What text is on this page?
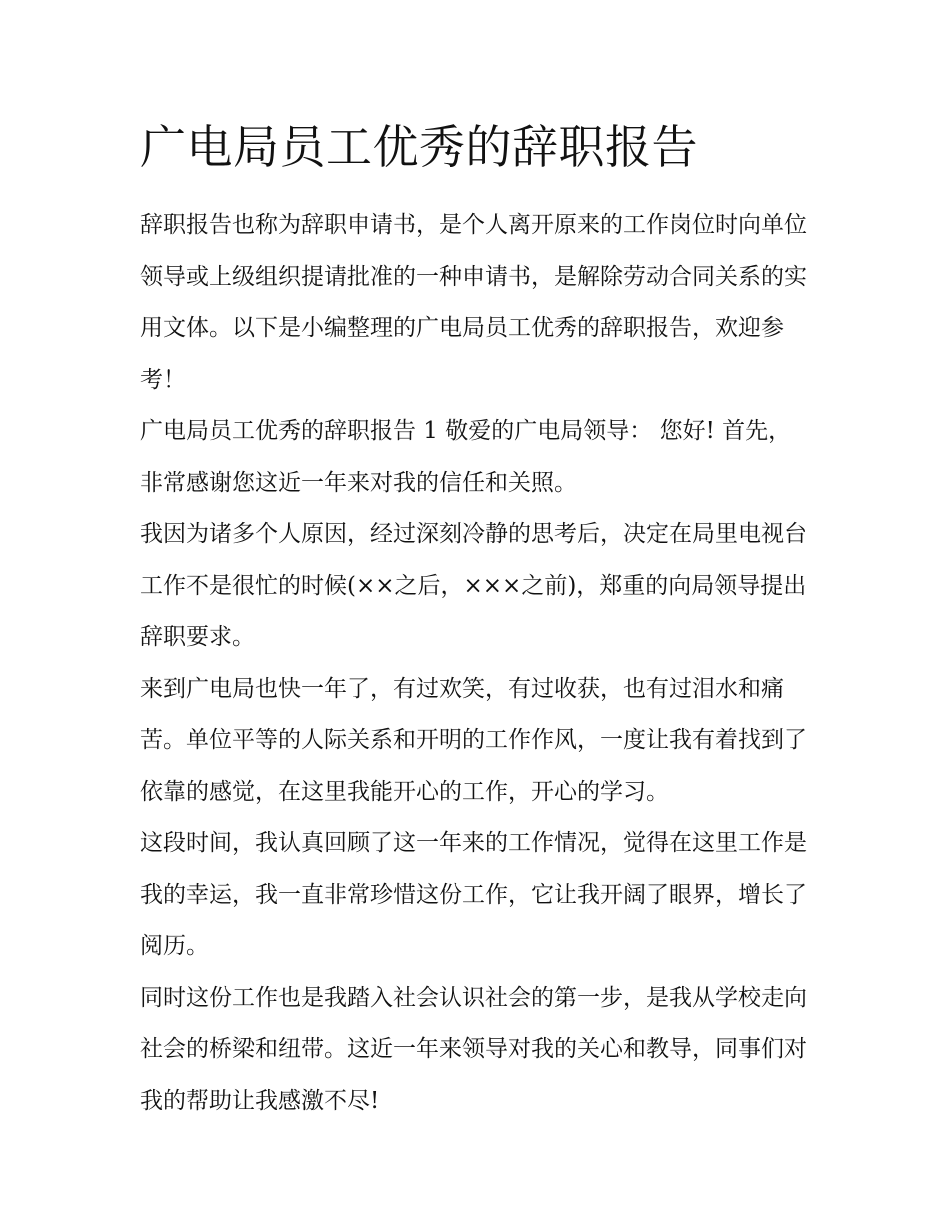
广电局员工优秀的辞职报告

辞职报告也称为辞职申请书，是个人离开原来的工作岗位时向单位领导或上级组织提请批准的一种申请书，是解除劳动合同关系的实用文体。以下是小编整理的广电局员工优秀的辞职报告，欢迎参考！

广电局员工优秀的辞职报告 1 敬爱的广电局领导： 您好! 首先，非常感谢您这近一年来对我的信任和关照。

我因为诸多个人原因，经过深刻冷静的思考后，决定在局里电视台工作不是很忙的时候(××之后，×××之前)，郑重的向局领导提出辞职要求。

来到广电局也快一年了，有过欢笑，有过收获，也有过泪水和痛苦。单位平等的人际关系和开明的工作作风，一度让我有着找到了依靠的感觉，在这里我能开心的工作，开心的学习。

这段时间，我认真回顾了这一年来的工作情况，觉得在这里工作是我的幸运，我一直非常珍惜这份工作，它让我开阔了眼界，增长了阅历。

同时这份工作也是我踏入社会认识社会的第一步，是我从学校走向社会的桥梁和纽带。这近一年来领导对我的关心和教导，同事们对我的帮助让我感激不尽!
